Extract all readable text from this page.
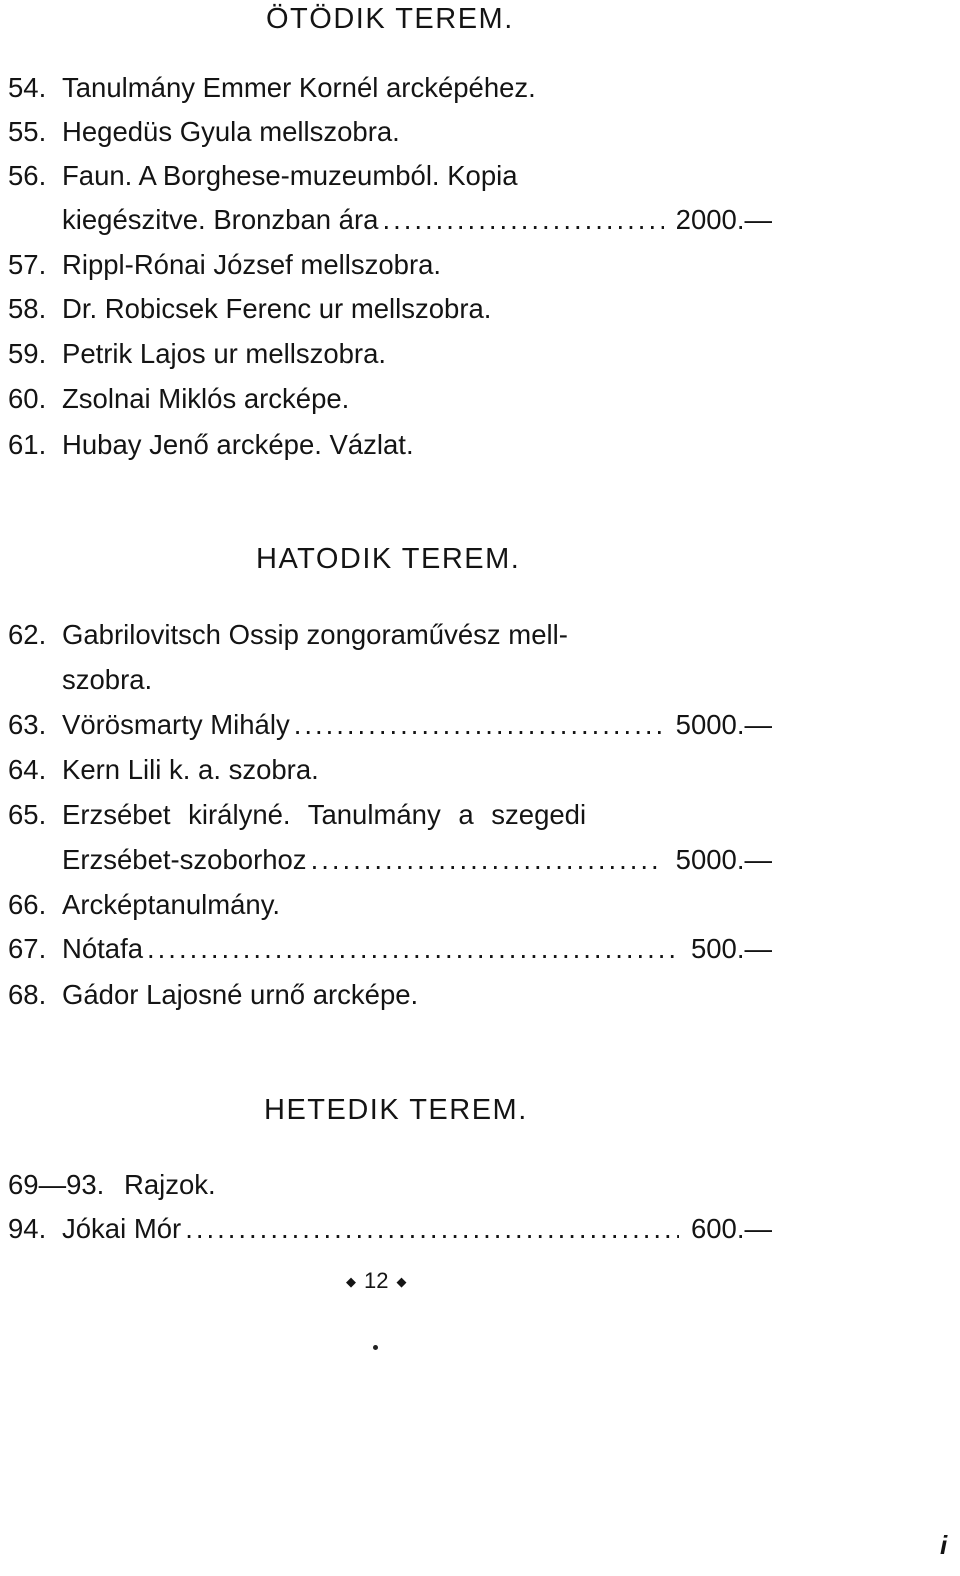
ÖTÖDIK TEREM.
54. Tanulmány Emmer Kornél arcképéhez.
55. Hegedüs Gyula mellszobra.
56. Faun. A Borghese-muzeumból. Kopia
kiegészitve. Bronzban ára .....	2000.—
57. Rippl-Rónai József mellszobra.
58. Dr. Robicsek Ferenc ur mellszobra.
59. Petrik Lajos ur mellszobra.
60. Zsolnai Miklós arcképe.
61. Hubay Jenő arcképe. Vázlat.
HATODIK TEREM.
62. Gabrilovitsch Ossip zongoraművész mell-
szobra.
63. Vörösmarty Mihály .....	5000.—
64. Kern Lili k. a. szobra.
65. Erzsébet királyné. Tanulmány a szegedi
Erzsébet-szoborhoz .....	5000.—
66. Arcképtanulmány.
67. Nótafa .....	500.—
68. Gádor Lajosné urnő arcképe.
HETEDIK TEREM.
69—93. Rajzok.
94. Jókai Mór .....	600.—
◆ 12 ◆
i
